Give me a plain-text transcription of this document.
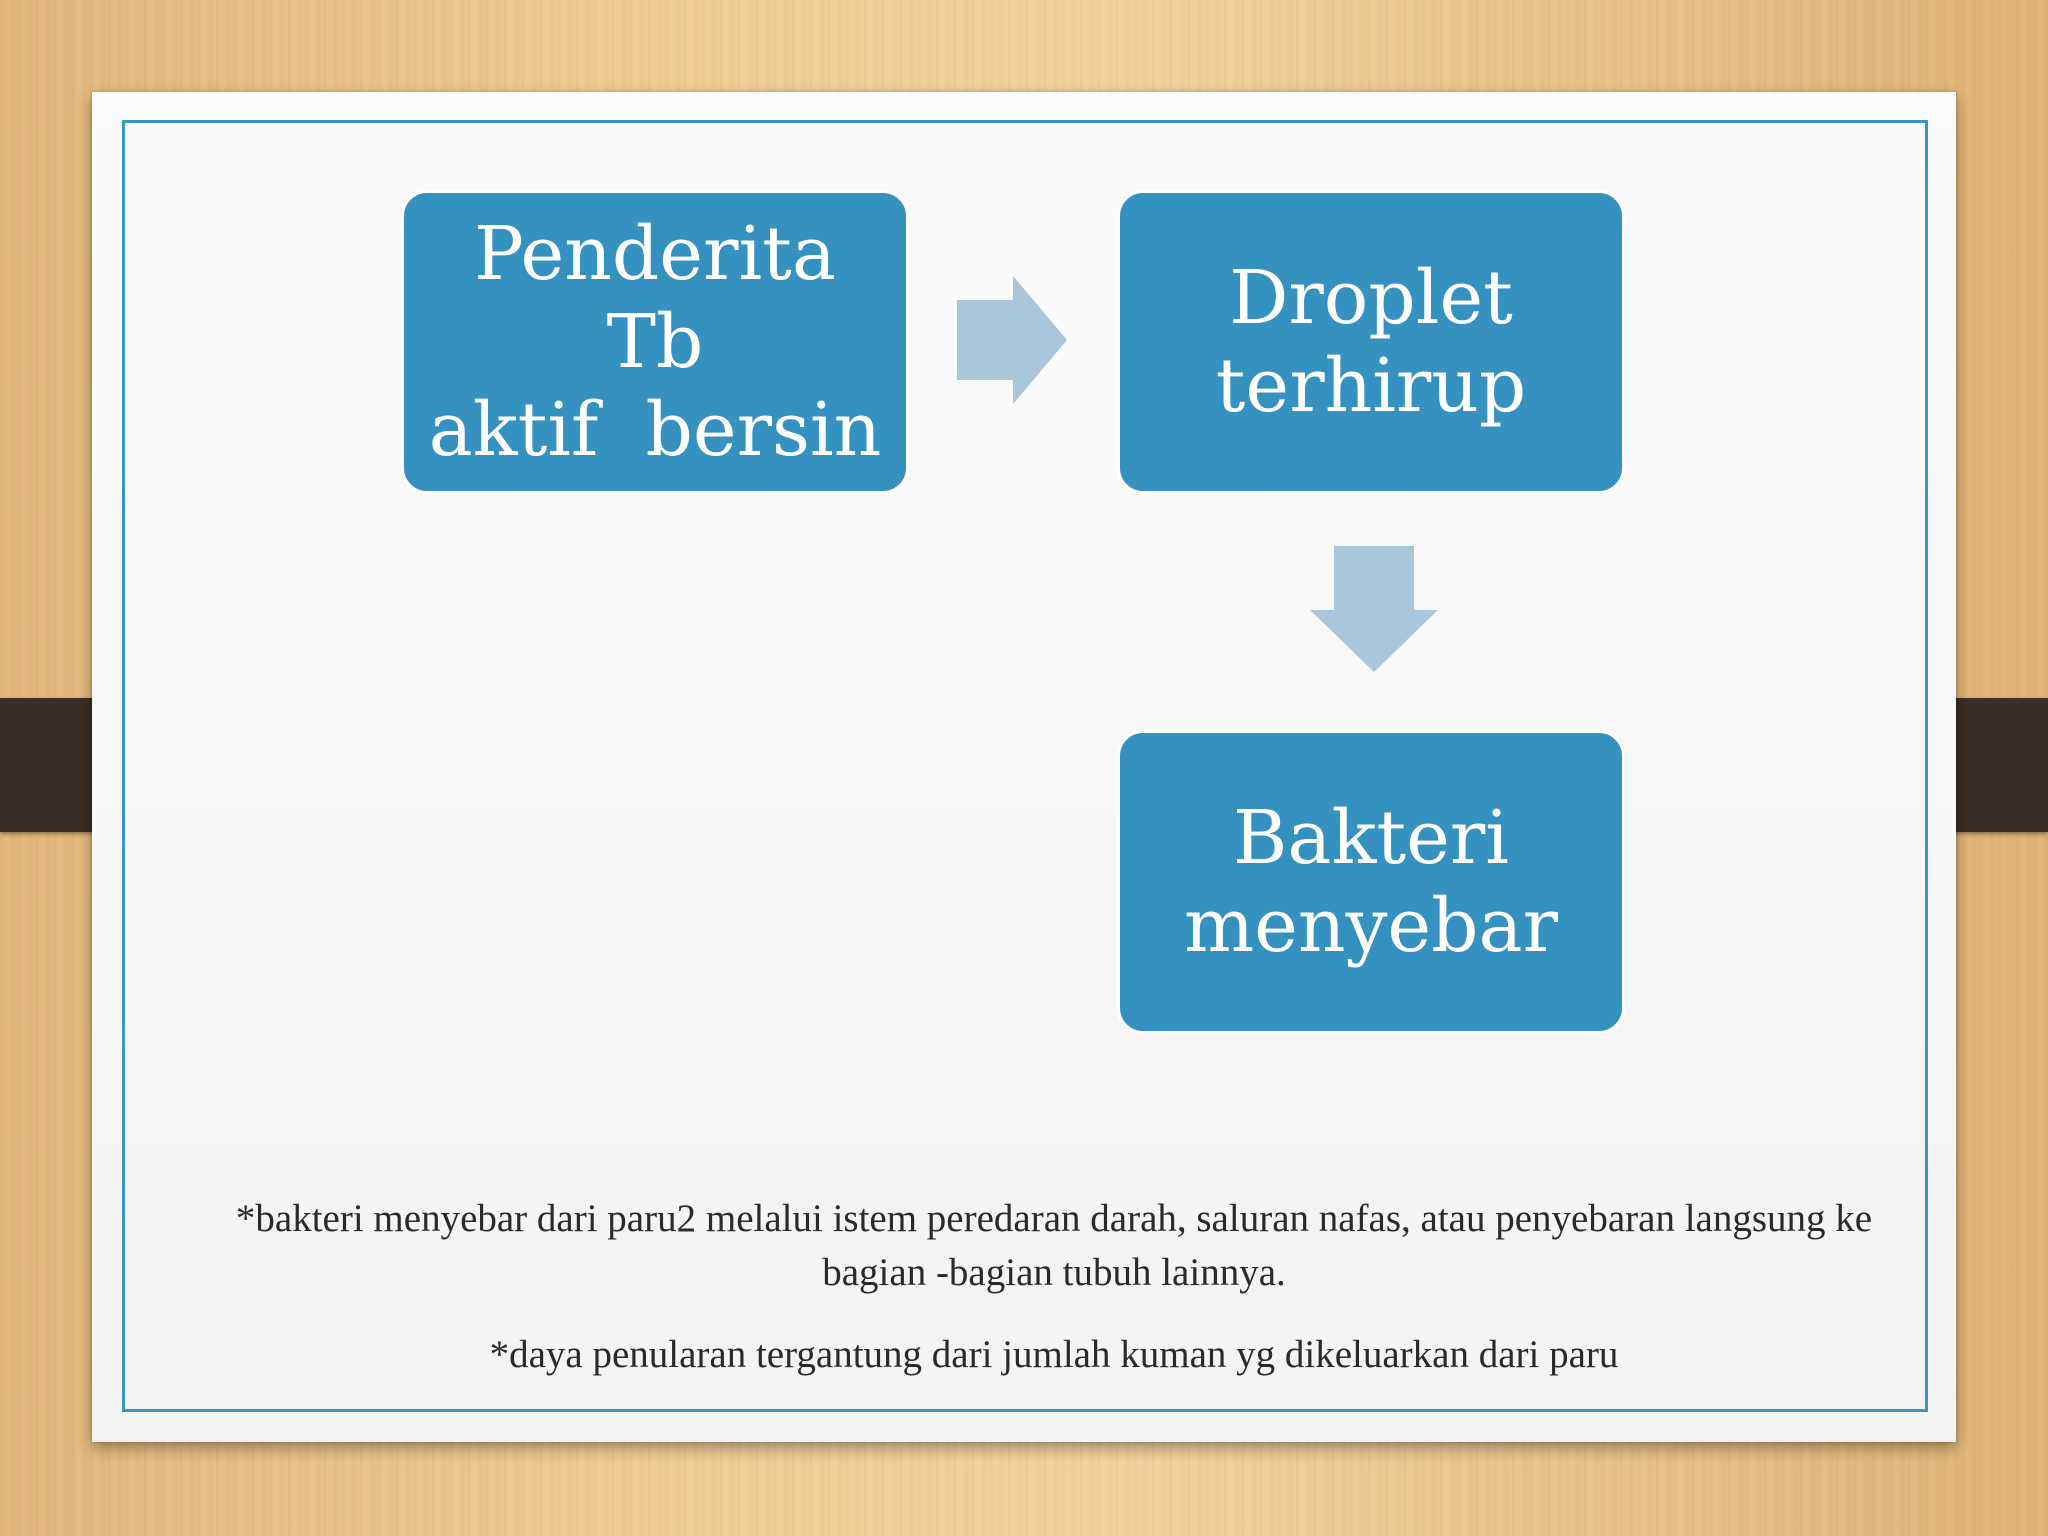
Penderita Tb
aktif  bersin
Droplet
terhirup
Bakteri
menyebar

*bakteri menyebar dari paru2 melalui istem peredaran darah, saluran nafas, atau penyebaran langsung ke

bagian -bagian tubuh lainnya.

*daya penularan tergantung dari jumlah kuman yg dikeluarkan dari paru
